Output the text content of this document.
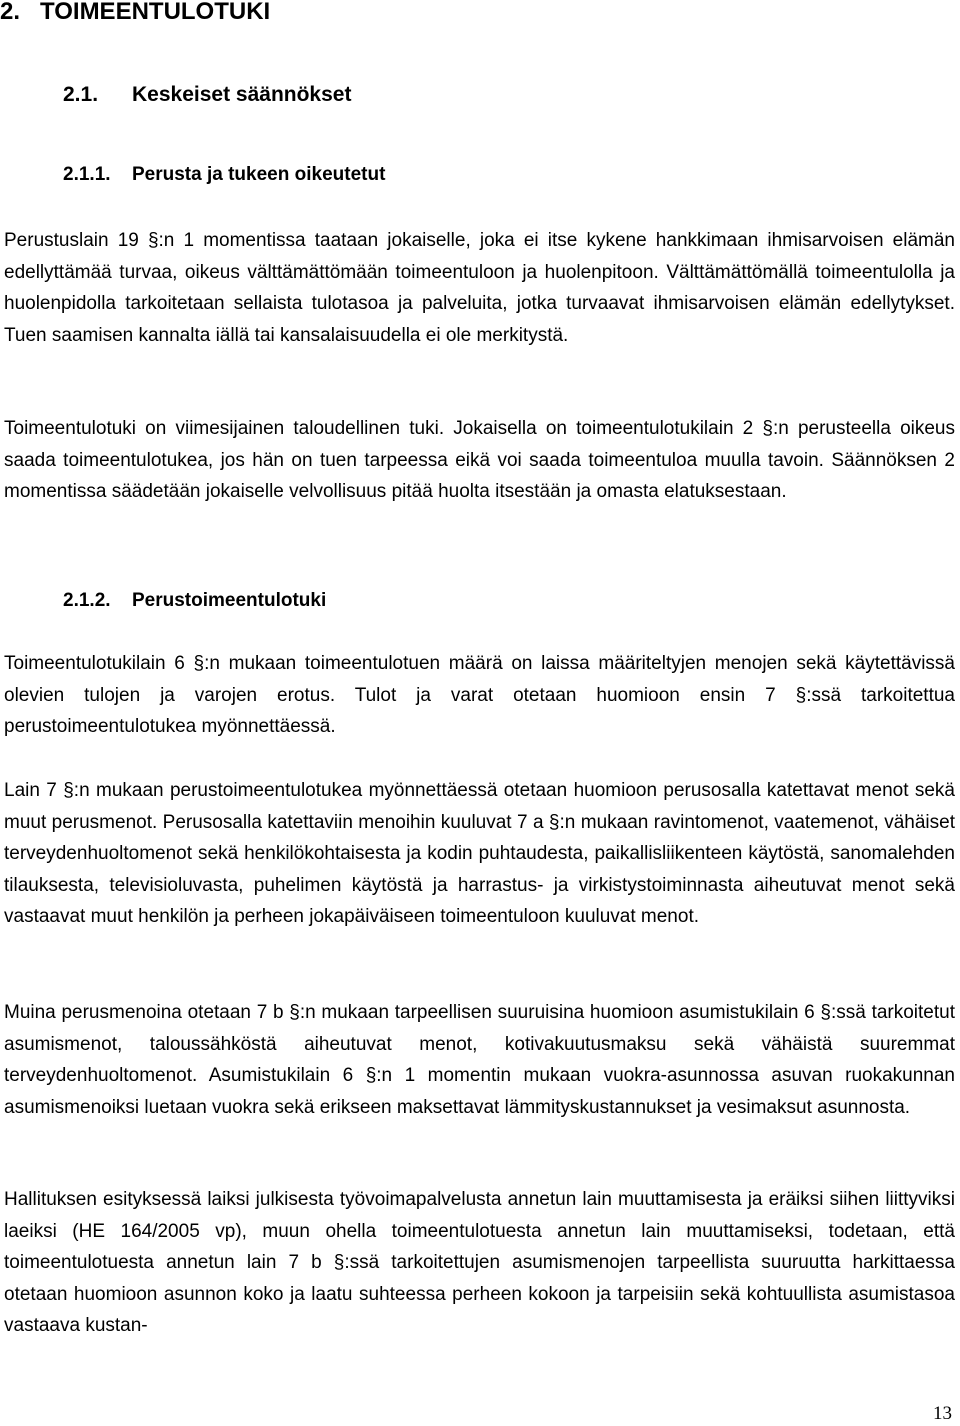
2. TOIMEENTULOTUKI
2.1. Keskeiset säännökset
2.1.1. Perusta ja tukeen oikeutetut

Perustuslain 19 §:n 1 momentissa taataan jokaiselle, joka ei itse kykene hankkimaan ihmisarvoisen elämän edellyttämää turvaa, oikeus välttämättömään toimeentuloon ja huolenpitoon. Välttämättömällä toimeentulolla ja huolenpidolla tarkoitetaan sellaista tulotasoa ja palveluita, jotka turvaavat ihmisarvoisen elämän edellytykset. Tuen saamisen kannalta iällä tai kansalaisuudella ei ole merkitystä.

Toimeentulotuki on viimesijainen taloudellinen tuki. Jokaisella on toimeentulotukilain 2 §:n perusteella oikeus saada toimeentulotukea, jos hän on tuen tarpeessa eikä voi saada toimeentuloa muulla tavoin. Säännöksen 2 momentissa säädetään jokaiselle velvollisuus pitää huolta itsestään ja omasta elatuksestaan.

2.1.2. Perustoimeentulotuki

Toimeentulotukilain 6 §:n mukaan toimeentulotuen määrä on laissa määriteltyjen menojen sekä käytettävissä olevien tulojen ja varojen erotus. Tulot ja varat otetaan huomioon ensin 7 §:ssä tarkoitettua perustoimeentulotukea myönnettäessä.

Lain 7 §:n mukaan perustoimeentulotukea myönnettäessä otetaan huomioon perusosalla katettavat menot sekä muut perusmenot. Perusosalla katettaviin menoihin kuuluvat 7 a §:n mukaan ravintomenot, vaatemenot, vähäiset terveydenhuoltomenot sekä henkilökohtaisesta ja kodin puhtaudesta, paikallisliikenteen käytöstä, sanomalehden tilauksesta, televisioluvasta, puhelimen käytöstä ja harrastus- ja virkistystoiminnasta aiheutuvat menot sekä vastaavat muut henkilön ja perheen jokapäiväiseen toimeentuloon kuuluvat menot.

Muina perusmenoina otetaan 7 b §:n mukaan tarpeellisen suuruisina huomioon asumistukilain 6 §:ssä tarkoitetut asumismenot, taloussähköstä aiheutuvat menot, kotivakuutusmaksu sekä vähäistä suuremmat terveydenhuoltomenot. Asumistukilain 6 §:n 1 momentin mukaan vuokra-asunnossa asuvan ruokakunnan asumismenoiksi luetaan vuokra sekä erikseen maksettavat lämmityskustannukset ja vesimaksut asunnosta.

Hallituksen esityksessä laiksi julkisesta työvoimapalvelusta annetun lain muuttamisesta ja eräiksi siihen liittyviksi laeiksi (HE 164/2005 vp), muun ohella toimeentulotuesta annetun lain muuttamiseksi, todetaan, että toimeentulotuesta annetun lain 7 b §:ssä tarkoitettujen asumismenojen tarpeellista suuruutta harkittaessa otetaan huomioon asunnon koko ja laatu suhteessa perheen kokoon ja tarpeisiin sekä kohtuullista asumistasoa vastaava kustan-

13
